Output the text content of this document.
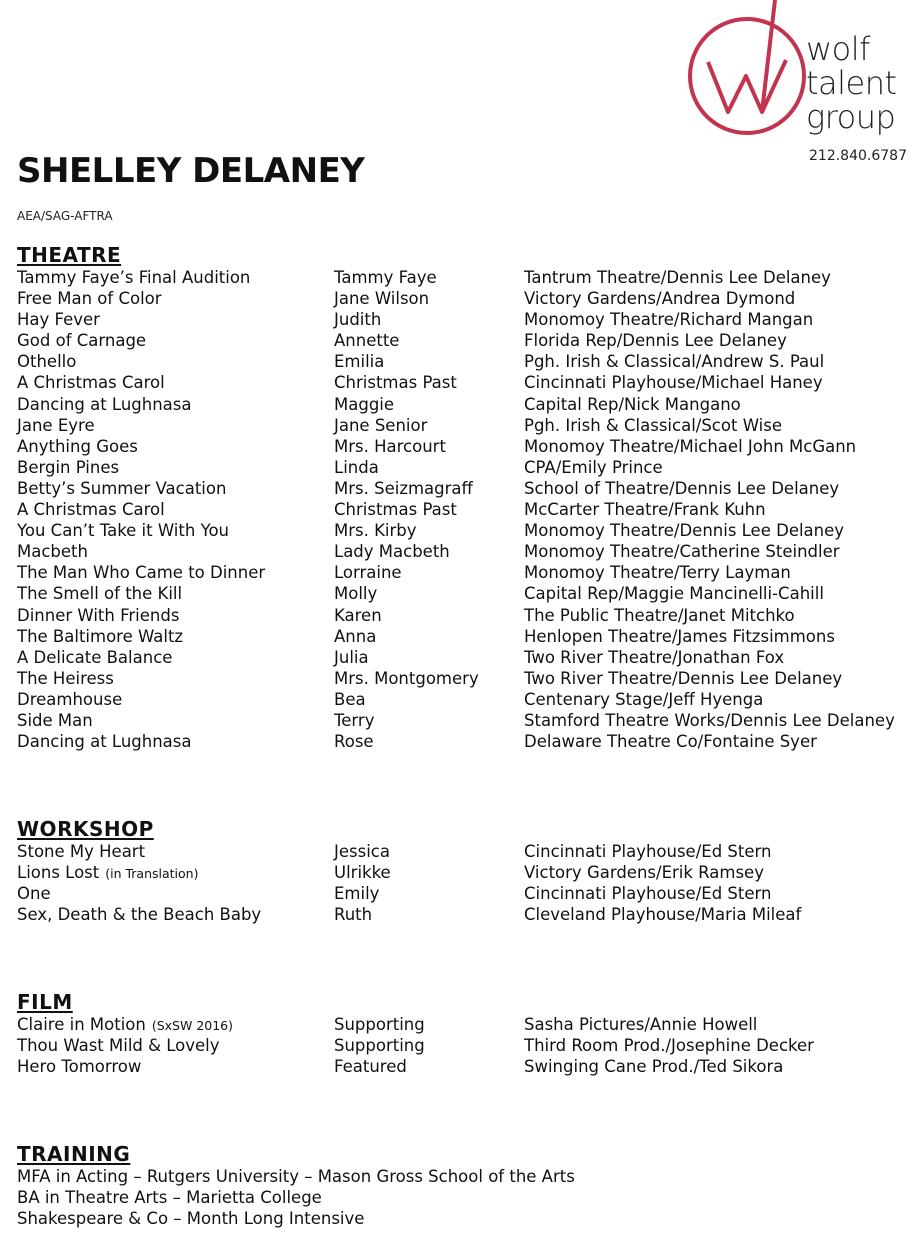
wolf
talent
group
212.840.6787
SHELLEY DELANEY
AEA/SAG-AFTRA
THEATRE
Tammy Faye’s Final Audition	Tammy Faye	Tantrum Theatre/Dennis Lee Delaney
Free Man of Color	Jane Wilson	Victory Gardens/Andrea Dymond
Hay Fever	Judith	Monomoy Theatre/Richard Mangan
God of Carnage	Annette	Florida Rep/Dennis Lee Delaney
Othello	Emilia	Pgh. Irish & Classical/Andrew S. Paul
A Christmas Carol	Christmas Past	Cincinnati Playhouse/Michael Haney
Dancing at Lughnasa	Maggie	Capital Rep/Nick Mangano
Jane Eyre	Jane Senior	Pgh. Irish & Classical/Scot Wise
Anything Goes	Mrs. Harcourt	Monomoy Theatre/Michael John McGann
Bergin Pines	Linda	CPA/Emily Prince
Betty’s Summer Vacation	Mrs. Seizmagraff	School of Theatre/Dennis Lee Delaney
A Christmas Carol	Christmas Past	McCarter Theatre/Frank Kuhn
You Can’t Take it With You	Mrs. Kirby	Monomoy Theatre/Dennis Lee Delaney
Macbeth	Lady Macbeth	Monomoy Theatre/Catherine Steindler
The Man Who Came to Dinner	Lorraine	Monomoy Theatre/Terry Layman
The Smell of the Kill	Molly	Capital Rep/Maggie Mancinelli-Cahill
Dinner With Friends	Karen	The Public Theatre/Janet Mitchko
The Baltimore Waltz	Anna	Henlopen Theatre/James Fitzsimmons
A Delicate Balance	Julia	Two River Theatre/Jonathan Fox
The Heiress	Mrs. Montgomery	Two River Theatre/Dennis Lee Delaney
Dreamhouse	Bea	Centenary Stage/Jeff Hyenga
Side Man	Terry	Stamford Theatre Works/Dennis Lee Delaney
Dancing at Lughnasa	Rose	Delaware Theatre Co/Fontaine Syer
WORKSHOP
Stone My Heart	Jessica	Cincinnati Playhouse/Ed Stern
Lions Lost (in Translation)	Ulrikke	Victory Gardens/Erik Ramsey
One	Emily	Cincinnati Playhouse/Ed Stern
Sex, Death & the Beach Baby	Ruth	Cleveland Playhouse/Maria Mileaf
FILM
Claire in Motion (SxSW 2016)	Supporting	Sasha Pictures/Annie Howell
Thou Wast Mild & Lovely	Supporting	Third Room Prod./Josephine Decker
Hero Tomorrow	Featured	Swinging Cane Prod./Ted Sikora
TRAINING
MFA in Acting – Rutgers University – Mason Gross School of the Arts
BA in Theatre Arts – Marietta College
Shakespeare & Co – Month Long Intensive
